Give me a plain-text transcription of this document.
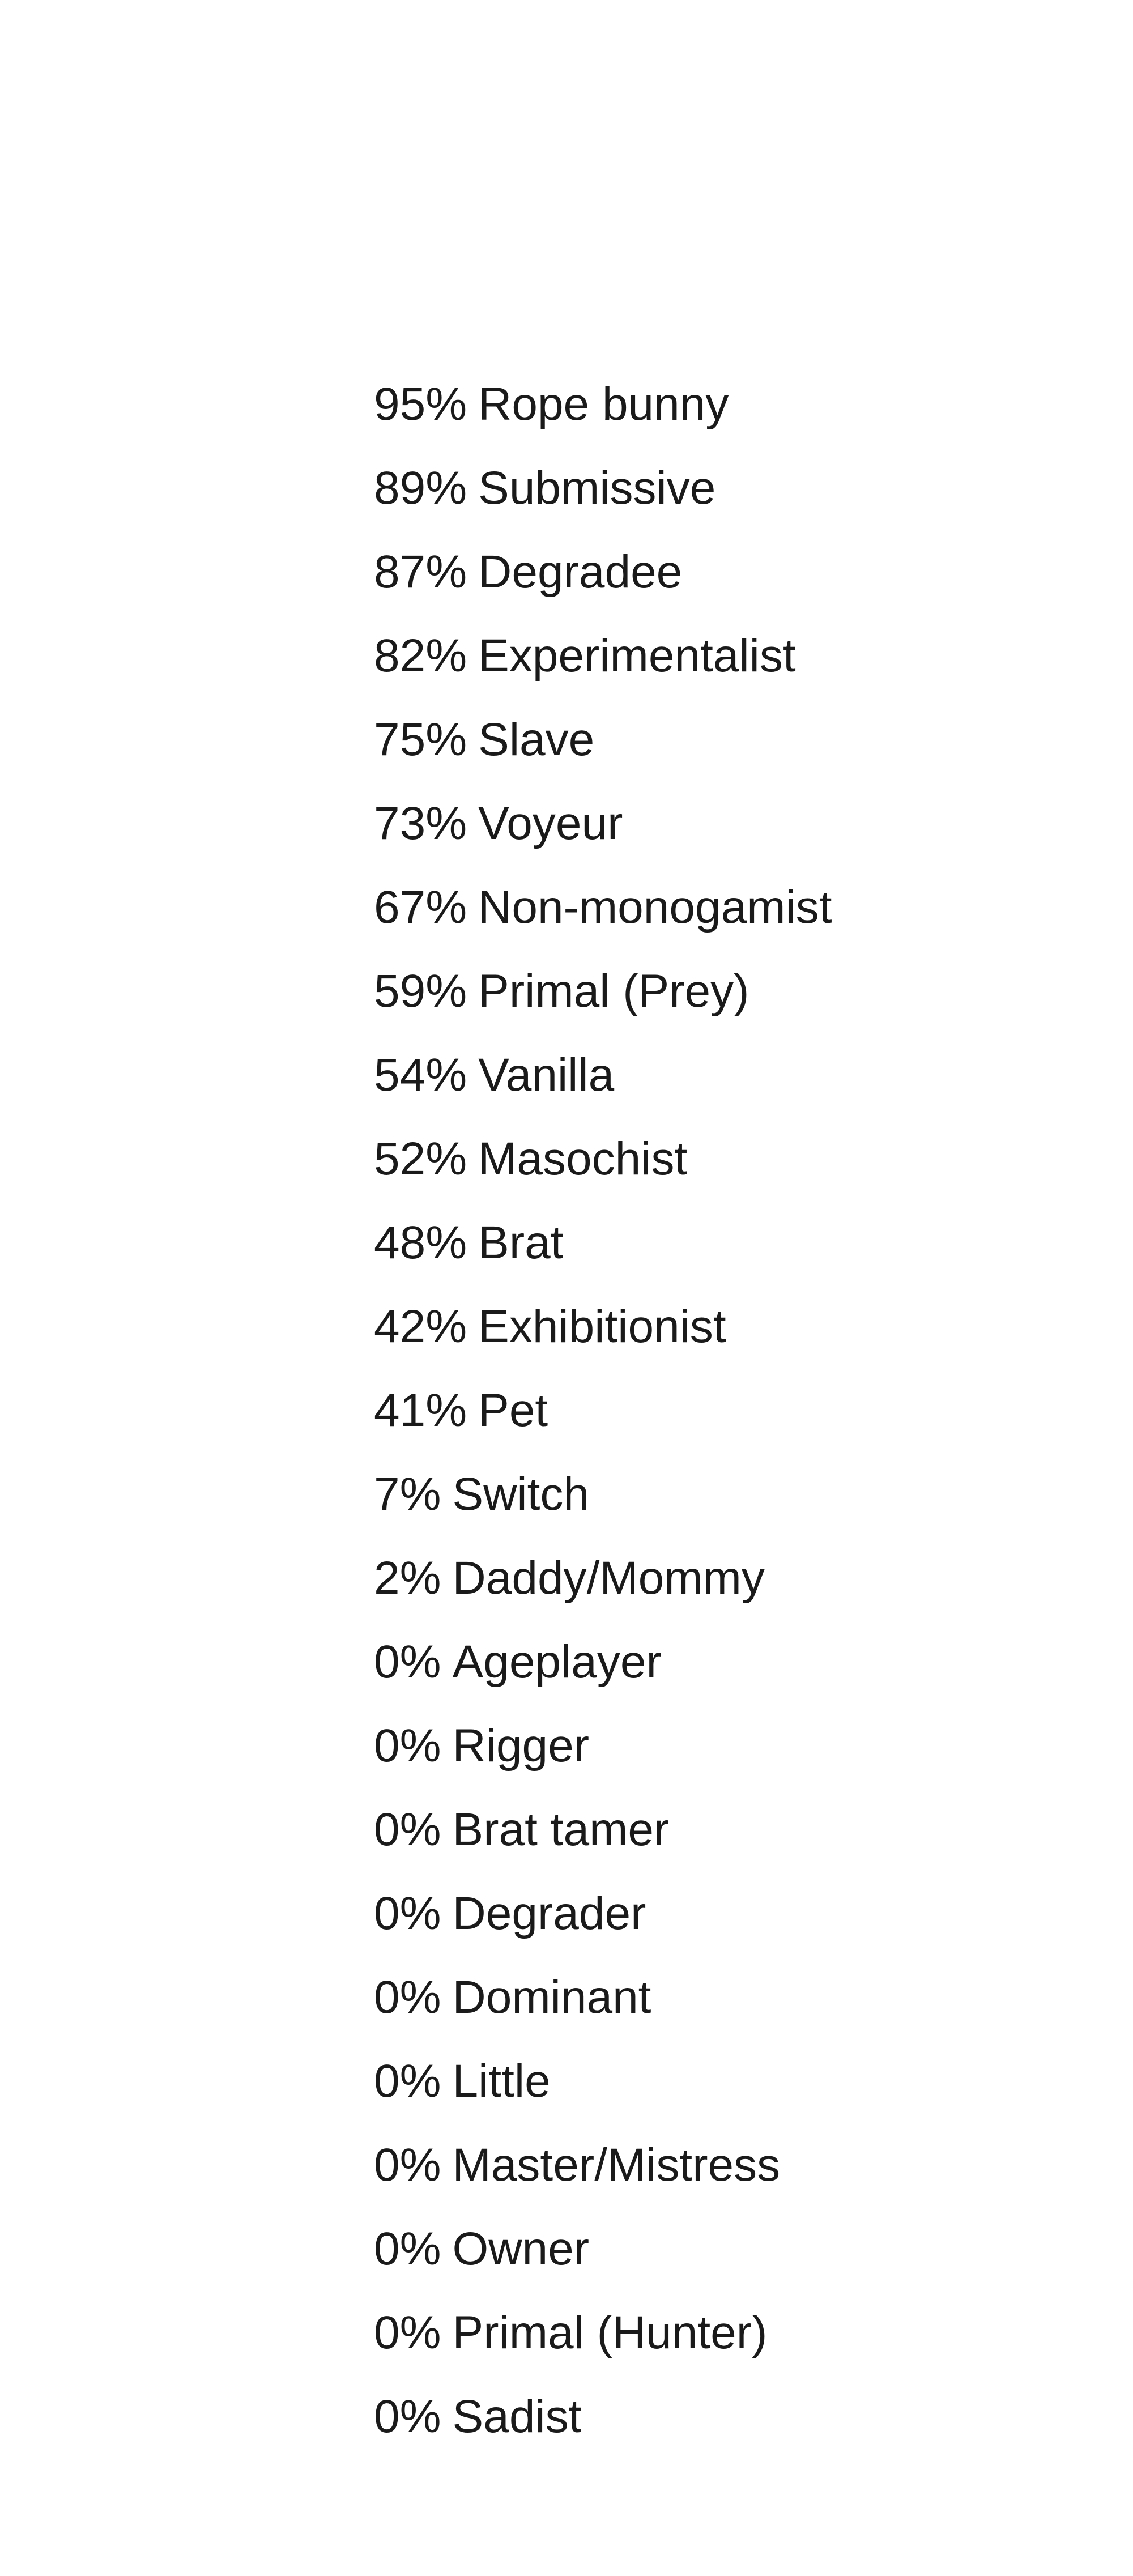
95% Rope bunny
89% Submissive
87% Degradee
82% Experimentalist
75% Slave
73% Voyeur
67% Non-monogamist
59% Primal (Prey)
54% Vanilla
52% Masochist
48% Brat
42% Exhibitionist
41% Pet
7% Switch
2% Daddy/Mommy
0% Ageplayer
0% Rigger
0% Brat tamer
0% Degrader
0% Dominant
0% Little
0% Master/Mistress
0% Owner
0% Primal (Hunter)
0% Sadist
